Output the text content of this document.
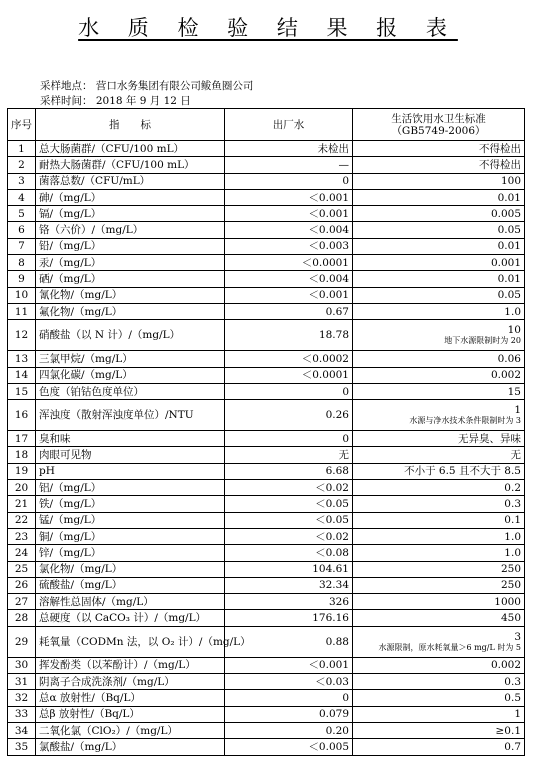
水 质 检 验 结 果 报 表
采样地点： 营口水务集团有限公司鲅鱼圈公司
采样时间： 2018 年 9 月 12 日
序号	指　　标	出厂水	生活饮用水卫生标准
（GB5749-2006）

1	总大肠菌群/（CFU/100 mL）	未检出	不得检出

2	耐热大肠菌群/（CFU/100 mL）	—	不得检出

3	菌落总数/（CFU/mL）	0	100

4	砷/（mg/L）	＜0.001	0.01

5	镉/（mg/L）	＜0.001	0.005

6	铬（六价）/（mg/L）	＜0.004	0.05

7	铅/（mg/L）	＜0.003	0.01

8	汞/（mg/L）	＜0.0001	0.001

9	硒/（mg/L）	＜0.004	0.01

10	氰化物/（mg/L）	＜0.001	0.05

11	氟化物/（mg/L）	0.67	1.0

12	硝酸盐（以 N 计）/（mg/L）	18.78	10
地下水源限制时为 20

13	三氯甲烷/（mg/L）	＜0.0002	0.06

14	四氯化碳/（mg/L）	＜0.0001	0.002

15	色度（铂钴色度单位）	0	15

16	浑浊度（散射浑浊度单位）/NTU	0.26	1
水源与净水技术条件限制时为 3

17	臭和味	0	无异臭、异味

18	肉眼可见物	无	无

19	pH	6.68	不小于 6.5 且不大于 8.5

20	铝/（mg/L）	＜0.02	0.2

21	铁/（mg/L）	＜0.05	0.3

22	锰/（mg/L）	＜0.05	0.1

23	铜/（mg/L）	＜0.02	1.0

24	锌/（mg/L）	＜0.08	1.0

25	氯化物/（mg/L）	104.61	250

26	硫酸盐/（mg/L）	32.34	250

27	溶解性总固体/（mg/L）	326	1000

28	总硬度（以 CaCO₃ 计）/（mg/L）	176.16	450

29	耗氧量（CODMn 法，以 O₂ 计）/（mg/L）	0.88	3
水源限制，原水耗氧量＞6 mg/L 时为 5

30	挥发酚类（以苯酚计）/（mg/L）	＜0.001	0.002

31	阴离子合成洗涤剂/（mg/L）	＜0.03	0.3

32	总α 放射性/（Bq/L）	0	0.5

33	总β 放射性/（Bq/L）	0.079	1

34	二氧化氯（ClO₂）/（mg/L）	0.20	≥0.1

35	氯酸盐/（mg/L）	＜0.005	0.7
